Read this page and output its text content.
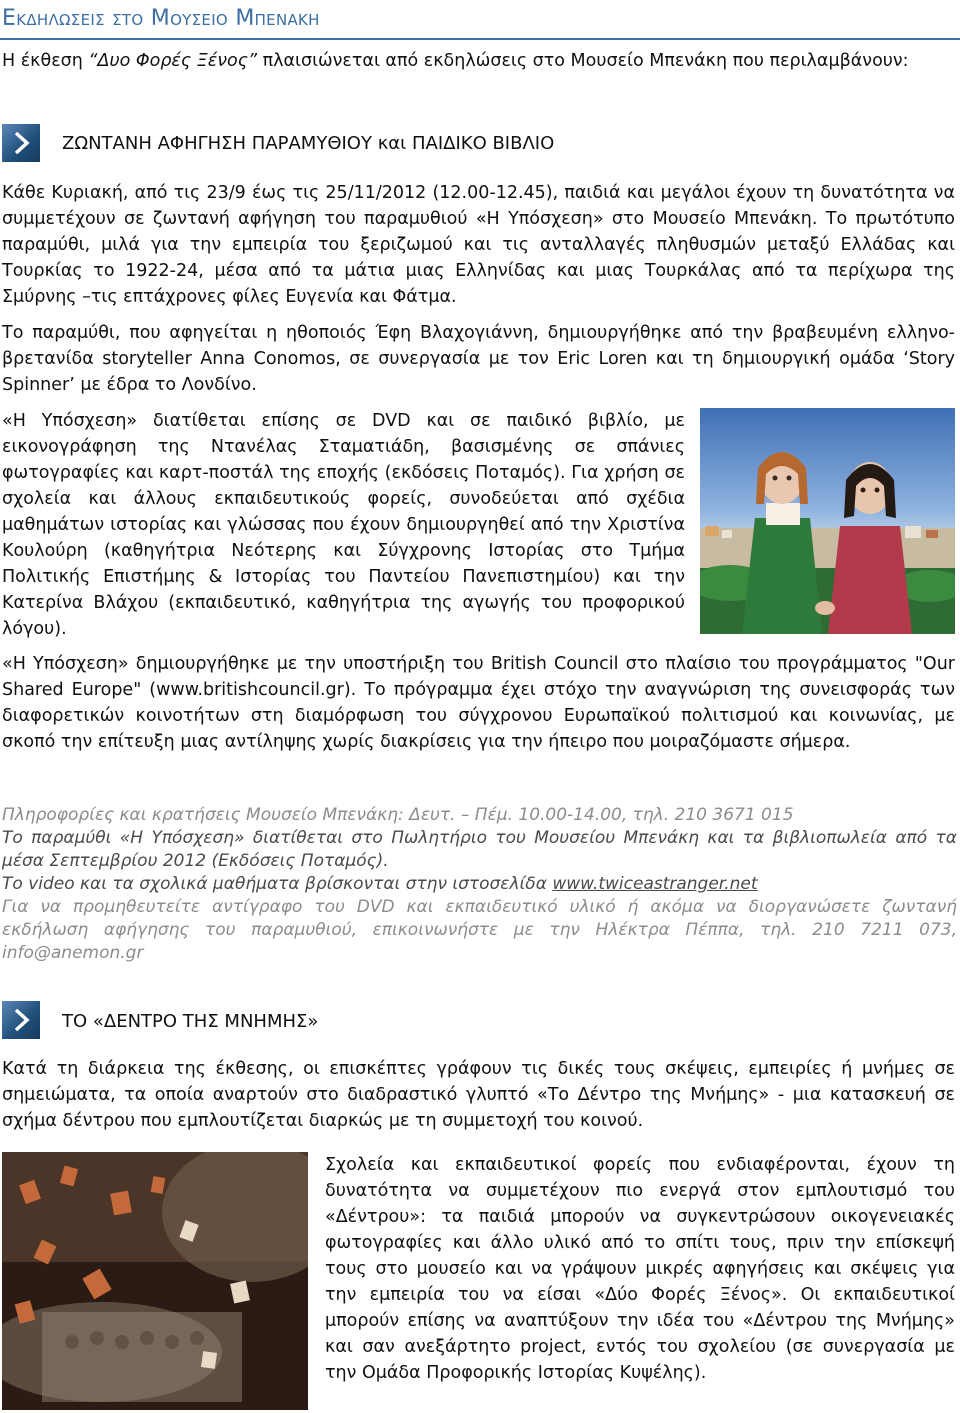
Εκδηλωσεις στο Μουσειο Μπενακη

Η έκθεση “Δυο Φορές Ξένος” πλαισιώνεται από εκδηλώσεις στο Μουσείο Μπενάκη που περιλαμβάνουν:

ΖΩΝΤΑΝΗ ΑΦΗΓΗΣΗ ΠΑΡΑΜΥΘΙΟΥ και ΠΑΙΔΙΚΟ ΒΙΒΛΙΟ

Κάθε Κυριακή, από τις 23/9 έως τις 25/11/2012 (12.00-12.45), παιδιά και μεγάλοι έχουν τη δυνατότητα να συμμετέχουν σε ζωντανή αφήγηση του παραμυθιού «Η Υπόσχεση» στο Μουσείο Μπενάκη. Το πρωτότυπο παραμύθι, μιλά για την εμπειρία του ξεριζωμού και τις ανταλλαγές πληθυσμών μεταξύ Ελλάδας και Τουρκίας το 1922-24, μέσα από τα μάτια μιας Ελληνίδας και μιας Τουρκάλας από τα περίχωρα της Σμύρνης –τις επτάχρονες φίλες Ευγενία και Φάτμα.

Το παραμύθι, που αφηγείται η ηθοποιός Έφη Βλαχογιάννη, δημιουργήθηκε από την βραβευμένη ελληνο-βρετανίδα storyteller Anna Conomos, σε συνεργασία με τον Eric Loren και τη δημιουργική ομάδα ‘Story Spinner’ με έδρα το Λονδίνο.

«Η Υπόσχεση» διατίθεται επίσης σε DVD και σε παιδικό βιβλίο, με εικονογράφηση της Ντανέλας Σταματιάδη, βασισμένης σε σπάνιες φωτογραφίες και καρτ-ποστάλ της εποχής (εκδόσεις Ποταμός). Για χρήση σε σχολεία και άλλους εκπαιδευτικούς φορείς, συνοδεύεται από σχέδια μαθημάτων ιστορίας και γλώσσας που έχουν δημιουργηθεί από την Χριστίνα Κουλούρη (καθηγήτρια Νεότερης και Σύγχρονης Ιστορίας στο Τμήμα Πολιτικής Επιστήμης & Ιστορίας του Παντείου Πανεπιστημίου) και την Κατερίνα Βλάχου (εκπαιδευτικό, καθηγήτρια της αγωγής του προφορικού λόγου).

«Η Υπόσχεση» δημιουργήθηκε με την υποστήριξη του British Council στο πλαίσιο του προγράμματος "Our Shared Europe" (www.britishcouncil.gr). Το πρόγραμμα έχει στόχο την αναγνώριση της συνεισφοράς των διαφορετικών κοινοτήτων στη διαμόρφωση του σύγχρονου Ευρωπαϊκού πολιτισμού και κοινωνίας, με σκοπό την επίτευξη μιας αντίληψης χωρίς διακρίσεις για την ήπειρο που μοιραζόμαστε σήμερα.

Πληροφορίες και κρατήσεις Μουσείο Μπενάκη: Δευτ. – Πέμ. 10.00-14.00, τηλ. 210 3671 015
Το παραμύθι «Η Υπόσχεση» διατίθεται στο Πωλητήριο του Μουσείου Μπενάκη και τα βιβλιοπωλεία από τα μέσα Σεπτεμβρίου 2012 (Εκδόσεις Ποταμός).
Το video και τα σχολικά μαθήματα βρίσκονται στην ιστοσελίδα www.twiceastranger.net
Για να προμηθευτείτε αντίγραφο του DVD και εκπαιδευτικό υλικό ή ακόμα να διοργανώσετε ζωντανή εκδήλωση αφήγησης του παραμυθιού, επικοινωνήστε με την Ηλέκτρα Πέππα, τηλ. 210 7211 073, info@anemon.gr
ΤΟ «ΔΕΝΤΡΟ ΤΗΣ ΜΝΗΜΗΣ»

Κατά τη διάρκεια της έκθεσης, οι επισκέπτες γράφουν τις δικές τους σκέψεις, εμπειρίες ή μνήμες σε σημειώματα, τα οποία αναρτούν στο διαδραστικό γλυπτό «Το Δέντρο της Μνήμης» - μια κατασκευή σε σχήμα δέντρου που εμπλουτίζεται διαρκώς με τη συμμετοχή του κοινού.

Σχολεία και εκπαιδευτικοί φορείς που ενδιαφέρονται, έχουν τη δυνατότητα να συμμετέχουν πιο ενεργά στον εμπλουτισμό του «Δέντρου»: τα παιδιά μπορούν να συγκεντρώσουν οικογενειακές φωτογραφίες και άλλο υλικό από το σπίτι τους, πριν την επίσκεψή τους στο μουσείο και να γράψουν μικρές αφηγήσεις και σκέψεις για την εμπειρία του να είσαι «Δύο Φορές Ξένος». Οι εκπαιδευτικοί μπορούν επίσης να αναπτύξουν την ιδέα του «Δέντρου της Μνήμης» και σαν ανεξάρτητο project, εντός του σχολείου (σε συνεργασία με την Ομάδα Προφορικής Ιστορίας Κυψέλης).
